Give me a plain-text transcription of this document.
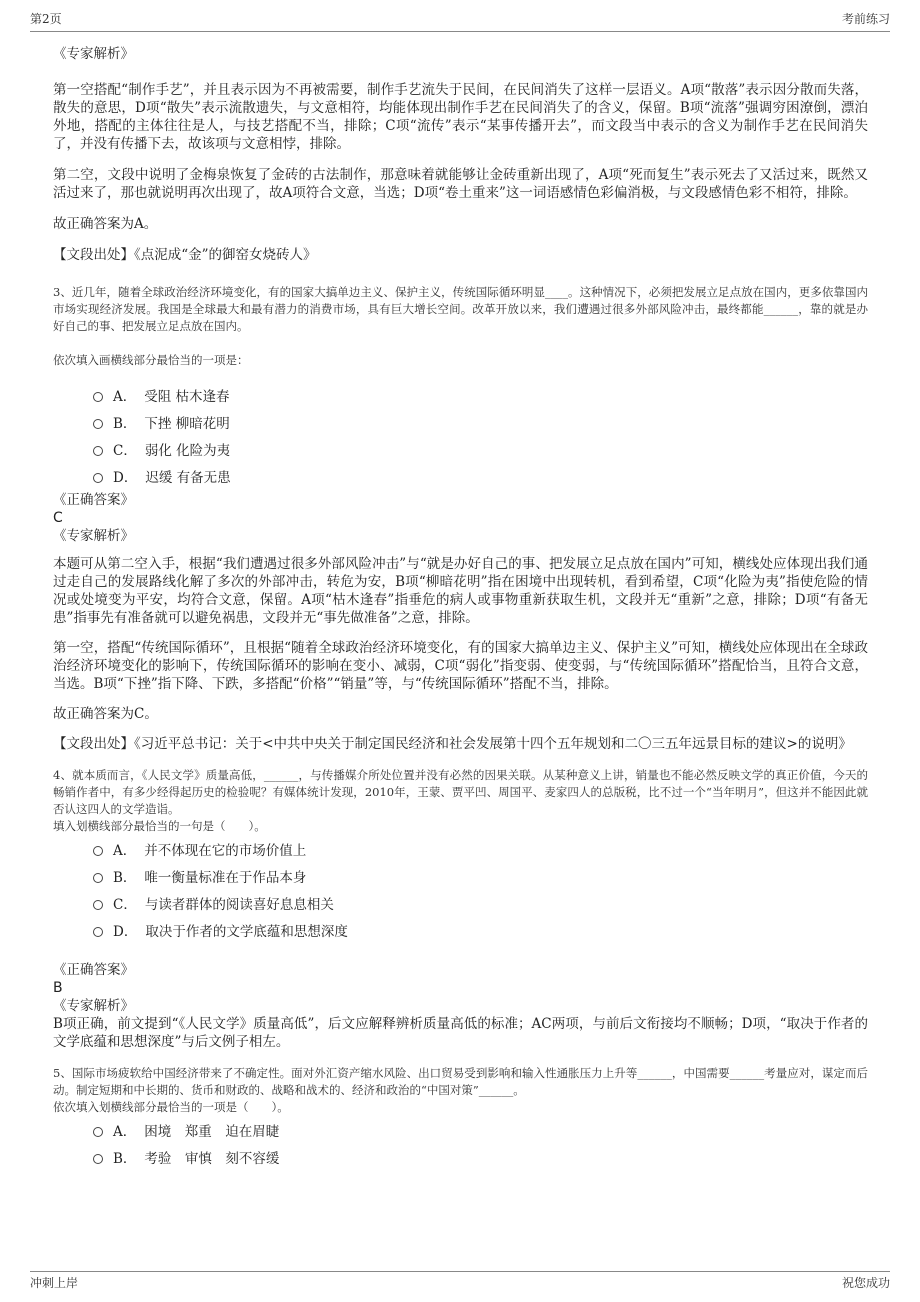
第2页	考前练习

《专家解析》

第一空搭配“制作手艺”，并且表示因为不再被需要，制作手艺流失于民间，在民间消失了这样一层语义。A项“散落”表示因分散而失落，散失的意思，D项“散失”表示流散遗失，与文意相符，均能体现出制作手艺在民间消失了的含义，保留。B项“流落”强调穷困潦倒，漂泊外地，搭配的主体往往是人，与技艺搭配不当，排除；C项“流传”表示“某事传播开去”，而文段当中表示的含义为制作手艺在民间消失了，并没有传播下去，故该项与文意相悖，排除。

第二空，文段中说明了金梅泉恢复了金砖的古法制作，那意味着就能够让金砖重新出现了，A项“死而复生”表示死去了又活过来，既然又活过来了，那也就说明再次出现了，故A项符合文意，当选；D项“卷土重来”这一词语感情色彩偏消极，与文段感情色彩不相符，排除。

故正确答案为A。

【文段出处】《点泥成“金”的御窑女烧砖人》

3、近几年，随着全球政治经济环境变化，有的国家大搞单边主义、保护主义，传统国际循环明显____。这种情况下，必须把发展立足点放在国内，更多依靠国内市场实现经济发展。我国是全球最大和最有潜力的消费市场，具有巨大增长空间。改革开放以来，我们遭遇过很多外部风险冲击，最终都能______，靠的就是办好自己的事、把发展立足点放在国内。

依次填入画横线部分最恰当的一项是：

A． 受阻 枯木逢春
B． 下挫 柳暗花明
C． 弱化 化险为夷
D． 迟缓 有备无患

《正确答案》

C

《专家解析》

本题可从第二空入手，根据“我们遭遇过很多外部风险冲击”与“就是办好自己的事、把发展立足点放在国内”可知，横线处应体现出我们通过走自己的发展路线化解了多次的外部冲击，转危为安，B项“柳暗花明”指在困境中出现转机，看到希望，C项“化险为夷”指使危险的情况或处境变为平安，均符合文意，保留。A项“枯木逢春”指垂危的病人或事物重新获取生机，文段并无“重新”之意，排除；D项“有备无患”指事先有准备就可以避免祸患，文段并无“事先做准备”之意，排除。

第一空，搭配“传统国际循环”，且根据“随着全球政治经济环境变化，有的国家大搞单边主义、保护主义”可知，横线处应体现出在全球政治经济环境变化的影响下，传统国际循环的影响在变小、减弱，C项“弱化”指变弱、使变弱，与“传统国际循环”搭配恰当，且符合文意，当选。B项“下挫”指下降、下跌，多搭配“价格”“销量”等，与“传统国际循环”搭配不当，排除。

故正确答案为C。

【文段出处】《习近平总书记：关于<中共中央关于制定国民经济和社会发展第十四个五年规划和二〇三五年远景目标的建议>的说明》

4、就本质而言，《人民文学》质量高低，______，与传播媒介所处位置并没有必然的因果关联。从某种意义上讲，销量也不能必然反映文学的真正价值，今天的畅销作者中，有多少经得起历史的检验呢？有媒体统计发现，2010年，王蒙、贾平凹、周国平、麦家四人的总版税，比不过一个“当年明月”，但这并不能因此就否认这四人的文学造诣。

填入划横线部分最恰当的一句是（　　）。

A． 并不体现在它的市场价值上
B． 唯一衡量标准在于作品本身
C． 与读者群体的阅读喜好息息相关
D． 取决于作者的文学底蕴和思想深度

《正确答案》

B

《专家解析》

B项正确，前文提到“《人民文学》质量高低”，后文应解释辨析质量高低的标准；AC两项，与前后文衔接均不顺畅；D项，“取决于作者的文学底蕴和思想深度”与后文例子相左。

5、国际市场疲软给中国经济带来了不确定性。面对外汇资产缩水风险、出口贸易受到影响和输入性通胀压力上升等______，中国需要______考量应对，谋定而后动。制定短期和中长期的、货币和财政的、战略和战术的、经济和政治的“中国对策”______。

依次填入划横线部分最恰当的一项是（　　）。

A． 困境　郑重　迫在眉睫
B． 考验　审慎　刻不容缓
冲刺上岸	祝您成功
